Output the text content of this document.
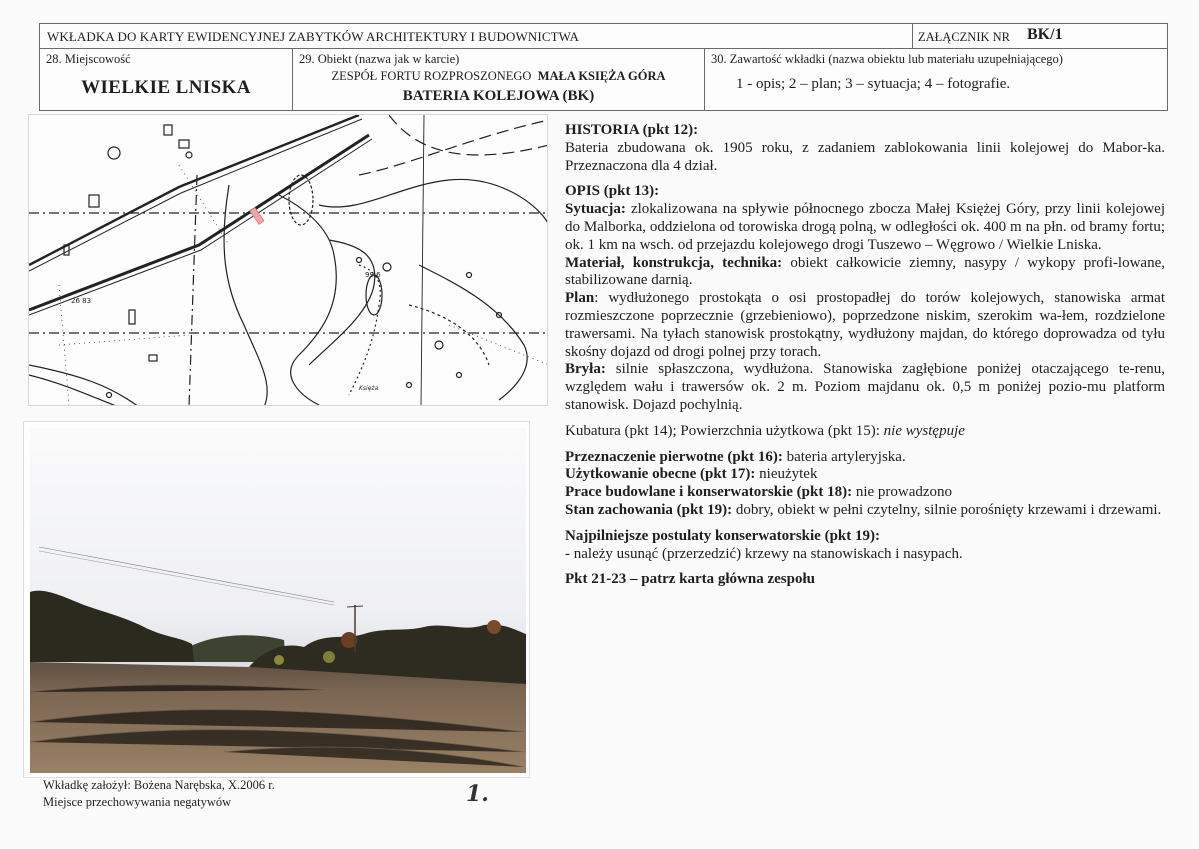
WKŁADKA DO KARTY EWIDENCYJNEJ ZABYTKÓW ARCHITEKTURY I BUDOWNICTWA	ZAŁĄCZNIK NR BK/1
28. Miejscowość
WIELKIE LNISKA
29. Obiekt (nazwa jak w karcie)
ZESPÓŁ FORTU ROZPROSZONEGO MAŁA KSIĘŻA GÓRA
BATERIA KOLEJOWA (BK)
30. Zawartość wkładki (nazwa obiektu lub materiału uzupełniającego)
1 - opis; 2 – plan; 3 – sytuacja; 4 – fotografie.
26 83
99.6
Księża
Wkładkę założył: Bożena Narębska, X.2006 r.
Miejsce przechowywania negatywów	1.

HISTORIA (pkt 12):

Bateria zbudowana ok. 1905 roku, z zadaniem zablokowania linii kolejowej do Mabor-ka. Przeznaczona dla 4 dział.

OPIS (pkt 13):

Sytuacja: zlokalizowana na spływie północnego zbocza Małej Księżej Góry, przy linii kolejowej do Malborka, oddzielona od torowiska drogą polną, w odległości ok. 400 m na płn. od bramy fortu; ok. 1 km na wsch. od przejazdu kolejowego drogi Tuszewo – Węgrowo / Wielkie Lniska.

Materiał, konstrukcja, technika: obiekt całkowicie ziemny, nasypy / wykopy profi-lowane, stabilizowane darnią.

Plan: wydłużonego prostokąta o osi prostopadłej do torów kolejowych, stanowiska armat rozmieszczone poprzecznie (grzebieniowo), poprzedzone niskim, szerokim wa-łem, rozdzielone trawersami. Na tyłach stanowisk prostokątny, wydłużony majdan, do którego doprowadza od tyłu skośny dojazd od drogi polnej przy torach.

Bryła: silnie spłaszczona, wydłużona. Stanowiska zagłębione poniżej otaczającego te-renu, względem wału i trawersów ok. 2 m. Poziom majdanu ok. 0,5 m poniżej pozio-mu platform stanowisk. Dojazd pochylnią.

Kubatura (pkt 14); Powierzchnia użytkowa (pkt 15): nie występuje

Przeznaczenie pierwotne (pkt 16): bateria artyleryjska.

Użytkowanie obecne (pkt 17): nieużytek

Prace budowlane i konserwatorskie (pkt 18): nie prowadzono

Stan zachowania (pkt 19): dobry, obiekt w pełni czytelny, silnie porośnięty krzewami i drzewami.

Najpilniejsze postulaty konserwatorskie (pkt 19):

- należy usunąć (przerzedzić) krzewy na stanowiskach i nasypach.

Pkt 21-23 – patrz karta główna zespołu
